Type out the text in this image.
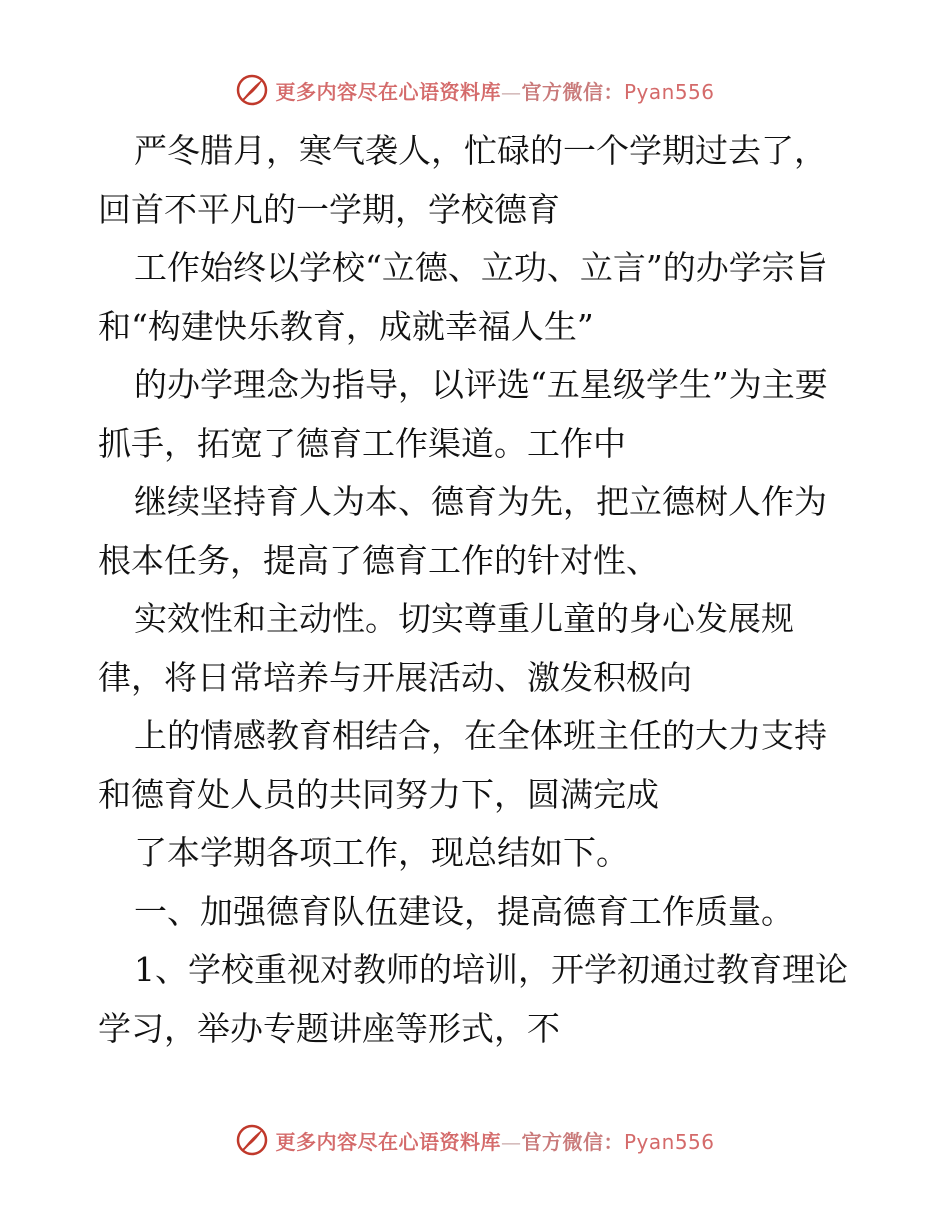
更多内容尽在心语资料库—官方微信：Pyan556

严冬腊月，寒气袭人，忙碌的一个学期过去了，回首不平凡的一学期，学校德育

工作始终以学校“立德、立功、立言”的办学宗旨和“构建快乐教育，成就幸福人生”

的办学理念为指导，以评选“五星级学生”为主要抓手，拓宽了德育工作渠道。工作中

继续坚持育人为本、德育为先，把立德树人作为根本任务，提高了德育工作的针对性、

实效性和主动性。切实尊重儿童的身心发展规律，将日常培养与开展活动、激发积极向

上的情感教育相结合，在全体班主任的大力支持和德育处人员的共同努力下，圆满完成

了本学期各项工作，现总结如下。

一、加强德育队伍建设，提高德育工作质量。

1、学校重视对教师的培训，开学初通过教育理论学习，举办专题讲座等形式，不

更多内容尽在心语资料库—官方微信：Pyan556
